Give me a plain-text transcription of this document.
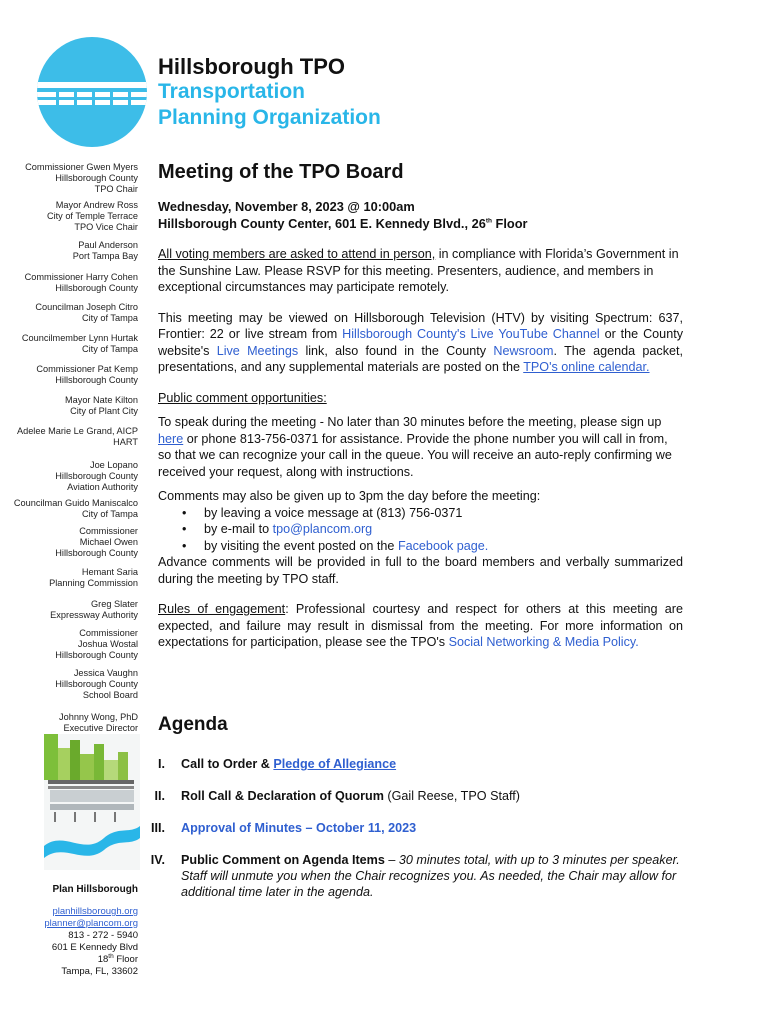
Hillsborough TPO
Transportation
Planning Organization
Commissioner Gwen Myers
Hillsborough County
TPO Chair
Mayor Andrew Ross
City of Temple Terrace
TPO Vice Chair
Paul Anderson
Port Tampa Bay
Commissioner Harry Cohen
Hillsborough County
Councilman Joseph Citro
City of Tampa
Councilmember Lynn Hurtak
City of Tampa
Commissioner Pat Kemp
Hillsborough County
Mayor Nate Kilton
City of Plant City
Adelee Marie Le Grand, AICP
HART
Joe Lopano
Hillsborough County
Aviation Authority
Councilman Guido Maniscalco
City of Tampa
Commissioner
Michael Owen
Hillsborough County
Hemant Saria
Planning Commission
Greg Slater
Expressway Authority
Commissioner
Joshua Wostal
Hillsborough County
Jessica Vaughn
Hillsborough County
School Board
Johnny Wong, PhD
Executive Director
Plan Hillsborough
planhillsborough.org
planner@plancom.org
813 - 272 - 5940
601 E Kennedy Blvd
18th Floor
Tampa, FL, 33602
Meeting of the TPO Board
Wednesday, November 8, 2023 @ 10:00am
Hillsborough County Center, 601 E. Kennedy Blvd., 26th Floor

All voting members are asked to attend in person, in compliance with Florida’s Government in the Sunshine Law. Please RSVP for this meeting. Presenters, audience, and members in exceptional circumstances may participate remotely.

This meeting may be viewed on Hillsborough Television (HTV) by visiting Spectrum: 637, Frontier: 22 or live stream from Hillsborough County's Live YouTube Channel or the County website's Live Meetings link, also found in the County Newsroom. The agenda packet, presentations, and any supplemental materials are posted on the TPO's online calendar.

Public comment opportunities:

To speak during the meeting - No later than 30 minutes before the meeting, please sign up here or phone 813-756-0371 for assistance. Provide the phone number you will call in from, so that we can recognize your call in the queue. You will receive an auto-reply confirming we received your request, along with instructions.

Comments may also be given up to 3pm the day before the meeting:

• by leaving a voice message at (813) 756-0371
• by e-mail to tpo@plancom.org
• by visiting the event posted on the Facebook page.

Advance comments will be provided in full to the board members and verbally summarized during the meeting by TPO staff.

Rules of engagement: Professional courtesy and respect for others at this meeting are expected, and failure may result in dismissal from the meeting. For more information on expectations for participation, please see the TPO's Social Networking & Media Policy.

Agenda
I. Call to Order & Pledge of Allegiance
II. Roll Call & Declaration of Quorum (Gail Reese, TPO Staff)
III. Approval of Minutes – October 11, 2023
IV. Public Comment on Agenda Items – 30 minutes total, with up to 3 minutes per speaker. Staff will unmute you when the Chair recognizes you. As needed, the Chair may allow for additional time later in the agenda.
